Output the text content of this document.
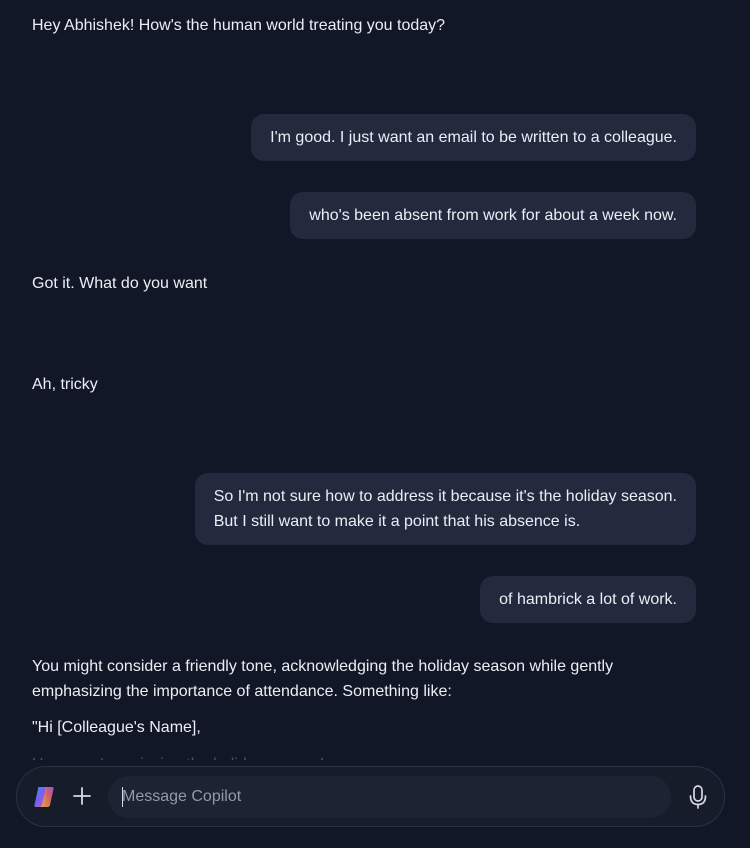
Hey Abhishek! How's the human world treating you today?
I'm good. I just want an email to be written to a colleague.
who's been absent from work for about a week now.
Got it. What do you want
Ah, tricky
So I'm not sure how to address it because it's the holiday season.
But I still want to make it a point that his absence is.
of hambrick a lot of work.
You might consider a friendly tone, acknowledging the holiday season while gently
emphasizing the importance of attendance. Something like:
"Hi [Colleague's Name],
Message Copilot
